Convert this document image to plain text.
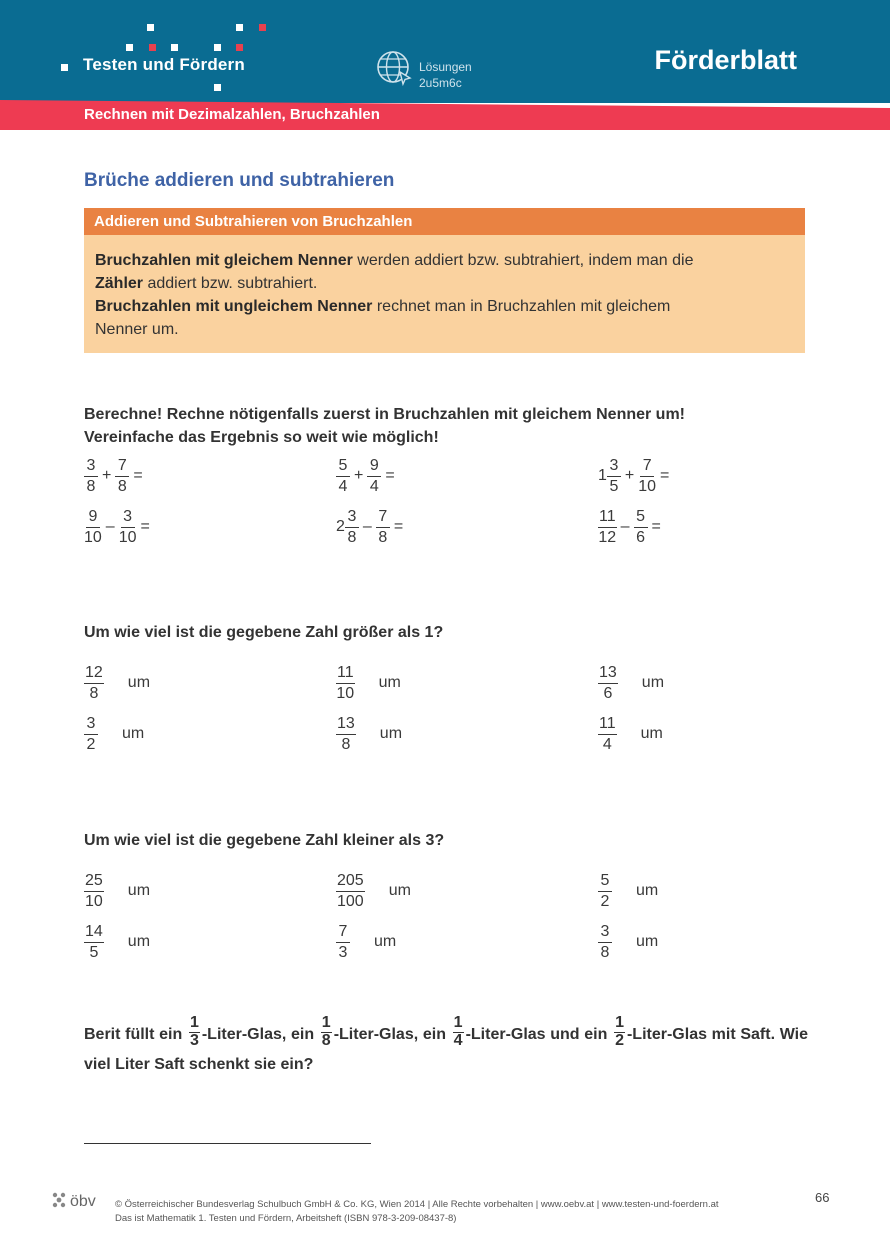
Testen und Fördern	Lösungen
2u5m6c
Förderblatt
Rechnen mit Dezimalzahlen, Bruchzahlen
Brüche addieren und subtrahieren
Addieren und Subtrahieren von Bruchzahlen
Bruchzahlen mit gleichem Nenner werden addiert bzw. subtrahiert, indem man die
Zähler addiert bzw. subtrahiert.
Bruchzahlen mit ungleichem Nenner rechnet man in Bruchzahlen mit gleichem
Nenner um.
Berechne! Rechne nötigenfalls zuerst in Bruchzahlen mit gleichem Nenner um!
Vereinfache das Ergebnis so weit wie möglich!
$\frac{3}{8} + \frac{7}{8}$ =	$\frac{5}{4} + \frac{9}{4}$ =	$1 \frac{3}{5} + \frac{7}{10}$ =
$\frac{9}{10} - \frac{3}{10}$ =	$2 \frac{3}{8} - \frac{7}{8}$ =	$\frac{11}{12} - \frac{5}{6}$ =
Um wie viel ist die gegebene Zahl größer als 1?
$\frac{12}{8}$ um	$\frac{11}{10}$ um	$\frac{13}{6}$ um
$\frac{3}{2}$ um	$\frac{13}{8}$ um	$\frac{11}{4}$ um
Um wie viel ist die gegebene Zahl kleiner als 3?
$\frac{25}{10}$ um	$\frac{205}{100}$ um	$\frac{5}{2}$ um
$\frac{14}{5}$ um	$\frac{7}{3}$ um	$\frac{3}{8}$ um
Berit füllt ein $\frac{1}{3}$ -Liter-Glas, ein $\frac{1}{8}$ -Liter-Glas, ein $\frac{1}{4}$ -Liter-Glas und ein $\frac{1}{2}$ -Liter-Glas mit Saft. Wie viel Liter Saft schenkt sie ein?
öbv © Österreichischer Bundesverlag Schulbuch GmbH & Co. KG, Wien 2014 | Alle Rechte vorbehalten | www.oebv.at | www.testen-und-foerdern.at
Das ist Mathematik 1. Testen und Fördern, Arbeitsheft (ISBN 978-3-209-08437-8)
66
